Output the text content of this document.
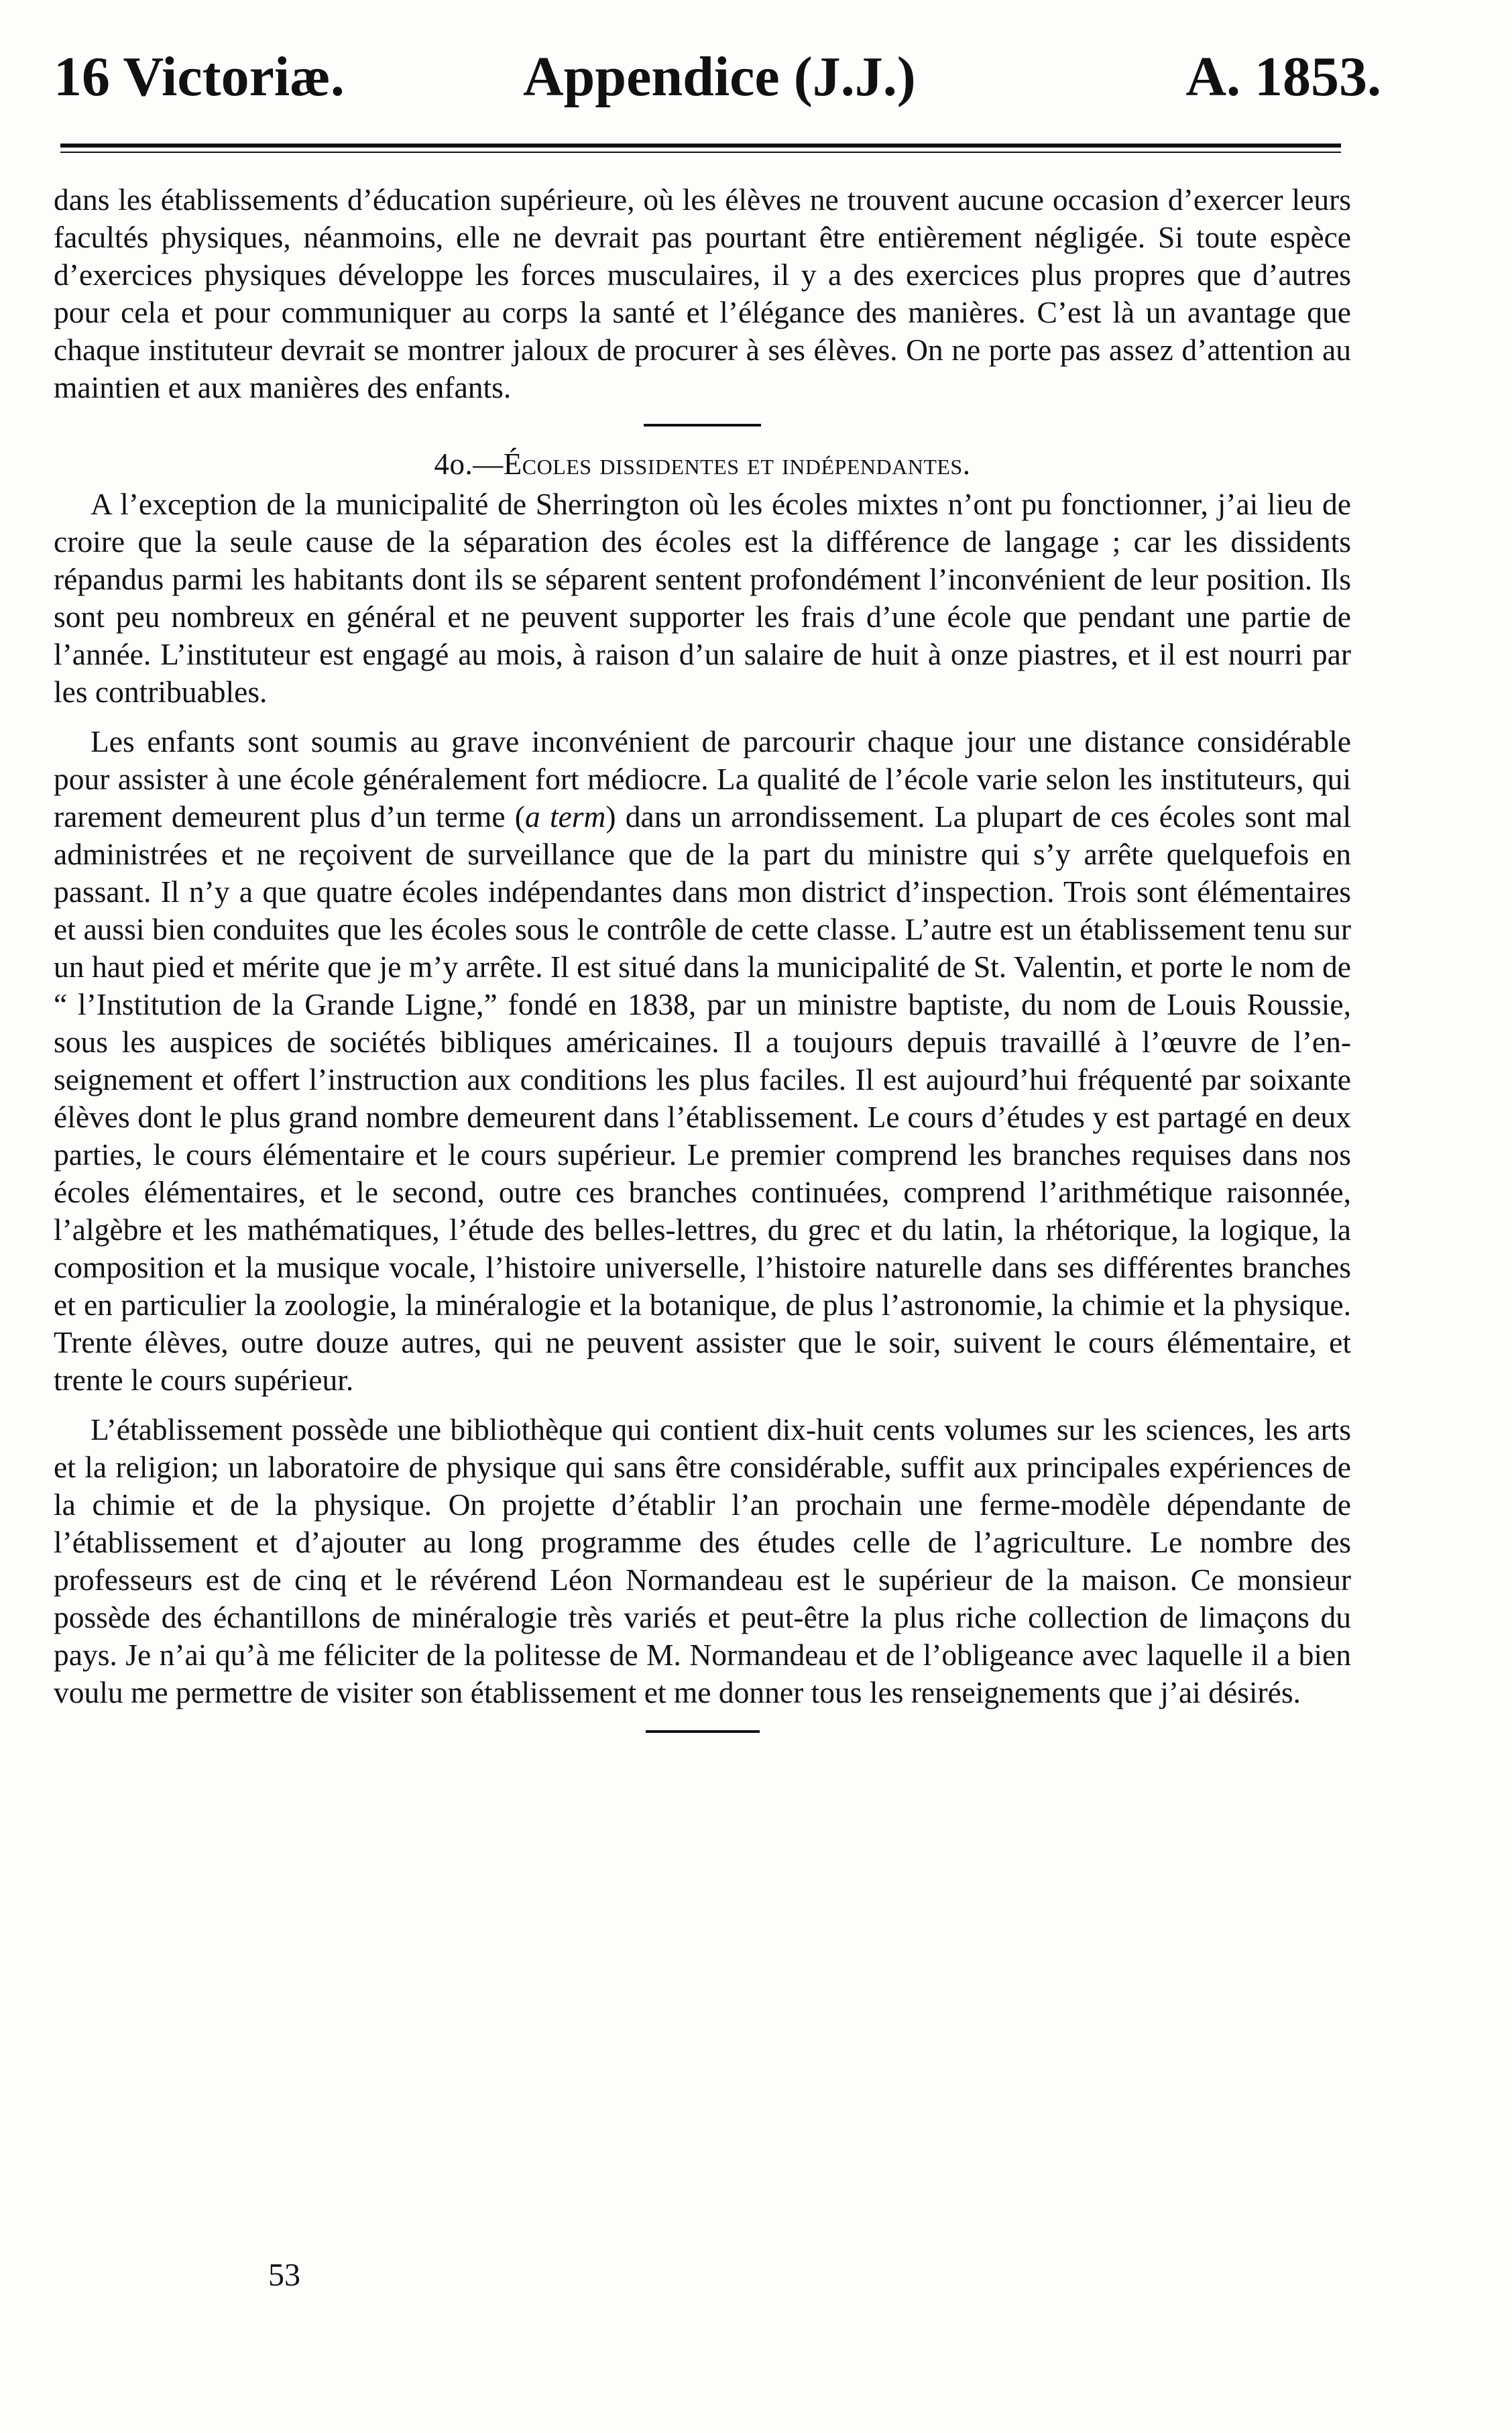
16 Victoriæ.	Appendice (J.J.)	A. 1853.

dans les établissements d’éducation supérieure, où les élèves ne trouvent aucune occasion d’exercer leurs facultés physiques, néanmoins, elle ne devrait pas pourtant être entièrement négligée. Si toute espèce d’exercices physiques développe les forces musculaires, il y a des exercices plus propres que d’autres pour cela et pour communiquer au corps la santé et l’élégance des manières. C’est là un avantage que chaque instituteur devrait se montrer jaloux de procurer à ses élèves. On ne porte pas assez d’attention au maintien et aux manières des enfants.

4o.—Écoles dissidentes et indépendantes.

A l’exception de la municipalité de Sherrington où les écoles mixtes n’ont pu fonctionner, j’ai lieu de croire que la seule cause de la séparation des écoles est la différence de langage ; car les dissidents répandus parmi les habitants dont ils se séparent sentent profondément l’inconvénient de leur position. Ils sont peu nombreux en général et ne peuvent supporter les frais d’une école que pendant une partie de l’année. L’instituteur est engagé au mois, à raison d’un salaire de huit à onze piastres, et il est nourri par les contribuables.

Les enfants sont soumis au grave inconvénient de parcourir chaque jour une distance considérable pour assister à une école généralement fort médiocre. La qualité de l’école varie selon les instituteurs, qui rarement demeurent plus d’un terme (a term) dans un arrondissement. La plupart de ces écoles sont mal administrées et ne reçoivent de surveillance que de la part du ministre qui s’y arrête quelquefois en passant. Il n’y a que quatre écoles indépendantes dans mon district d’inspection. Trois sont élémentaires et aussi bien conduites que les écoles sous le contrôle de cette classe. L’autre est un établissement tenu sur un haut pied et mérite que je m’y arrête. Il est situé dans la municipalité de St. Valentin, et porte le nom de “ l’Institution de la Grande Ligne,” fondé en 1838, par un ministre baptiste, du nom de Louis Roussie, sous les auspices de sociétés bibliques américaines. Il a toujours depuis travaillé à l’œuvre de l’enseignement et offert l’instruction aux conditions les plus faciles. Il est aujourd’hui fréquenté par soixante élèves dont le plus grand nombre demeurent dans l’établissement. Le cours d’études y est partagé en deux parties, le cours élémentaire et le cours supérieur. Le premier comprend les branches requises dans nos écoles élémentaires, et le second, outre ces branches continuées, comprend l’arithmétique raisonnée, l’algèbre et les mathématiques, l’étude des belles-lettres, du grec et du latin, la rhétorique, la logique, la composition et la musique vocale, l’histoire universelle, l’histoire naturelle dans ses différentes branches et en particulier la zoologie, la minéralogie et la botanique, de plus l’astronomie, la chimie et la physique. Trente élèves, outre douze autres, qui ne peuvent assister que le soir, suivent le cours élémentaire, et trente le cours supérieur.

L’établissement possède une bibliothèque qui contient dix-huit cents volumes sur les sciences, les arts et la religion; un laboratoire de physique qui sans être considérable, suffit aux principales expériences de la chimie et de la physique. On projette d’établir l’an prochain une ferme-modèle dépendante de l’établissement et d’ajouter au long programme des études celle de l’agriculture. Le nombre des professeurs est de cinq et le révérend Léon Normandeau est le supérieur de la maison. Ce monsieur possède des échantillons de minéralogie très variés et peut-être la plus riche collection de limaçons du pays. Je n’ai qu’à me féliciter de la politesse de M. Normandeau et de l’obligeance avec laquelle il a bien voulu me permettre de visiter son établissement et me donner tous les renseignements que j’ai désirés.

53
